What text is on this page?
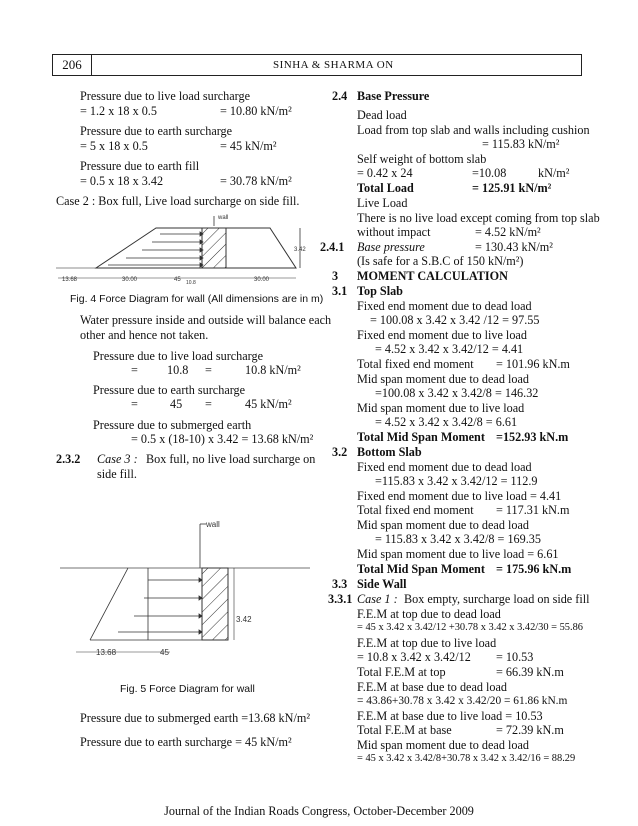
206	SINHA & SHARMA ON
Pressure due to live load surcharge
= 1.2 x 18 x 0.5	= 10.80 kN/m²
Pressure due to earth surcharge
= 5 x 18 x 0.5	= 45 kN/m²
Pressure due to earth fill
= 0.5 x 18 x 3.42	= 30.78 kN/m²
Case 2 : Box full, Live load surcharge on side fill.
wall
3.42
13.68	30.00	45 10.8	30.00
Fig. 4 Force Diagram for wall (All dimensions are in m)
Water pressure inside and outside will balance each
other and hence not taken.
Pressure due to live load surcharge
= 10.8 =	10.8 kN/m²
Pressure due to earth surcharge
=	45 =	45 kN/m²
Pressure due to submerged earth
= 0.5 x (18-10) x 3.42 = 13.68 kN/m²
2.3.2 Case 3 : Box full, no live load surcharge on
side fill.
wall
3.42
13.68	45
Fig. 5 Force Diagram for wall
Pressure due to submerged earth =13.68 kN/m²
Pressure due to earth surcharge = 45 kN/m²
2.4 Base Pressure
Dead load
Load from top slab and walls including cushion
= 115.83 kN/m²
Self weight of bottom slab
= 0.42 x 24	=10.08	kN/m²
Total Load	= 125.91 kN/m²
Live Load
There is no live load except coming from top slab
without impact	= 4.52 kN/m²
2.4.1 Base pressure	= 130.43 kN/m²
(Is safe for a S.B.C of 150 kN/m²)
3 MOMENT CALCULATION
3.1 Top Slab
Fixed end moment due to dead load
= 100.08 x 3.42 x 3.42 /12 = 97.55
Fixed end moment due to live load
= 4.52 x 3.42 x 3.42/12 = 4.41
Total fixed end moment = 101.96 kN.m
Mid span moment due to dead load
=100.08 x 3.42 x 3.42/8 = 146.32
Mid span moment due to live load
= 4.52 x 3.42 x 3.42/8 = 6.61
Total Mid Span Moment =152.93 kN.m
3.2 Bottom Slab
Fixed end moment due to dead load
=115.83 x 3.42 x 3.42/12 = 112.9
Fixed end moment due to live load = 4.41
Total fixed end moment = 117.31 kN.m
Mid span moment due to dead load
= 115.83 x 3.42 x 3.42/8 = 169.35
Mid span moment due to live load = 6.61
Total Mid Span Moment = 175.96 kN.m
3.3 Side Wall
3.3.1 Case 1 : Box empty, surcharge load on side fill
F.E.M at top due to dead load
= 45 x 3.42 x 3.42/12 +30.78 x 3.42 x 3.42/30 = 55.86
F.E.M at top due to live load
= 10.8 x 3.42 x 3.42/12 = 10.53
Total F.E.M at top	= 66.39 kN.m
F.E.M at base due to dead load
= 43.86+30.78 x 3.42 x 3.42/20 = 61.86 kN.m
F.E.M at base due to live load = 10.53
Total F.E.M at base	= 72.39 kN.m
Mid span moment due to dead load
= 45 x 3.42 x 3.42/8+30.78 x 3.42 x 3.42/16 = 88.29
Journal of the Indian Roads Congress, October-December 2009
